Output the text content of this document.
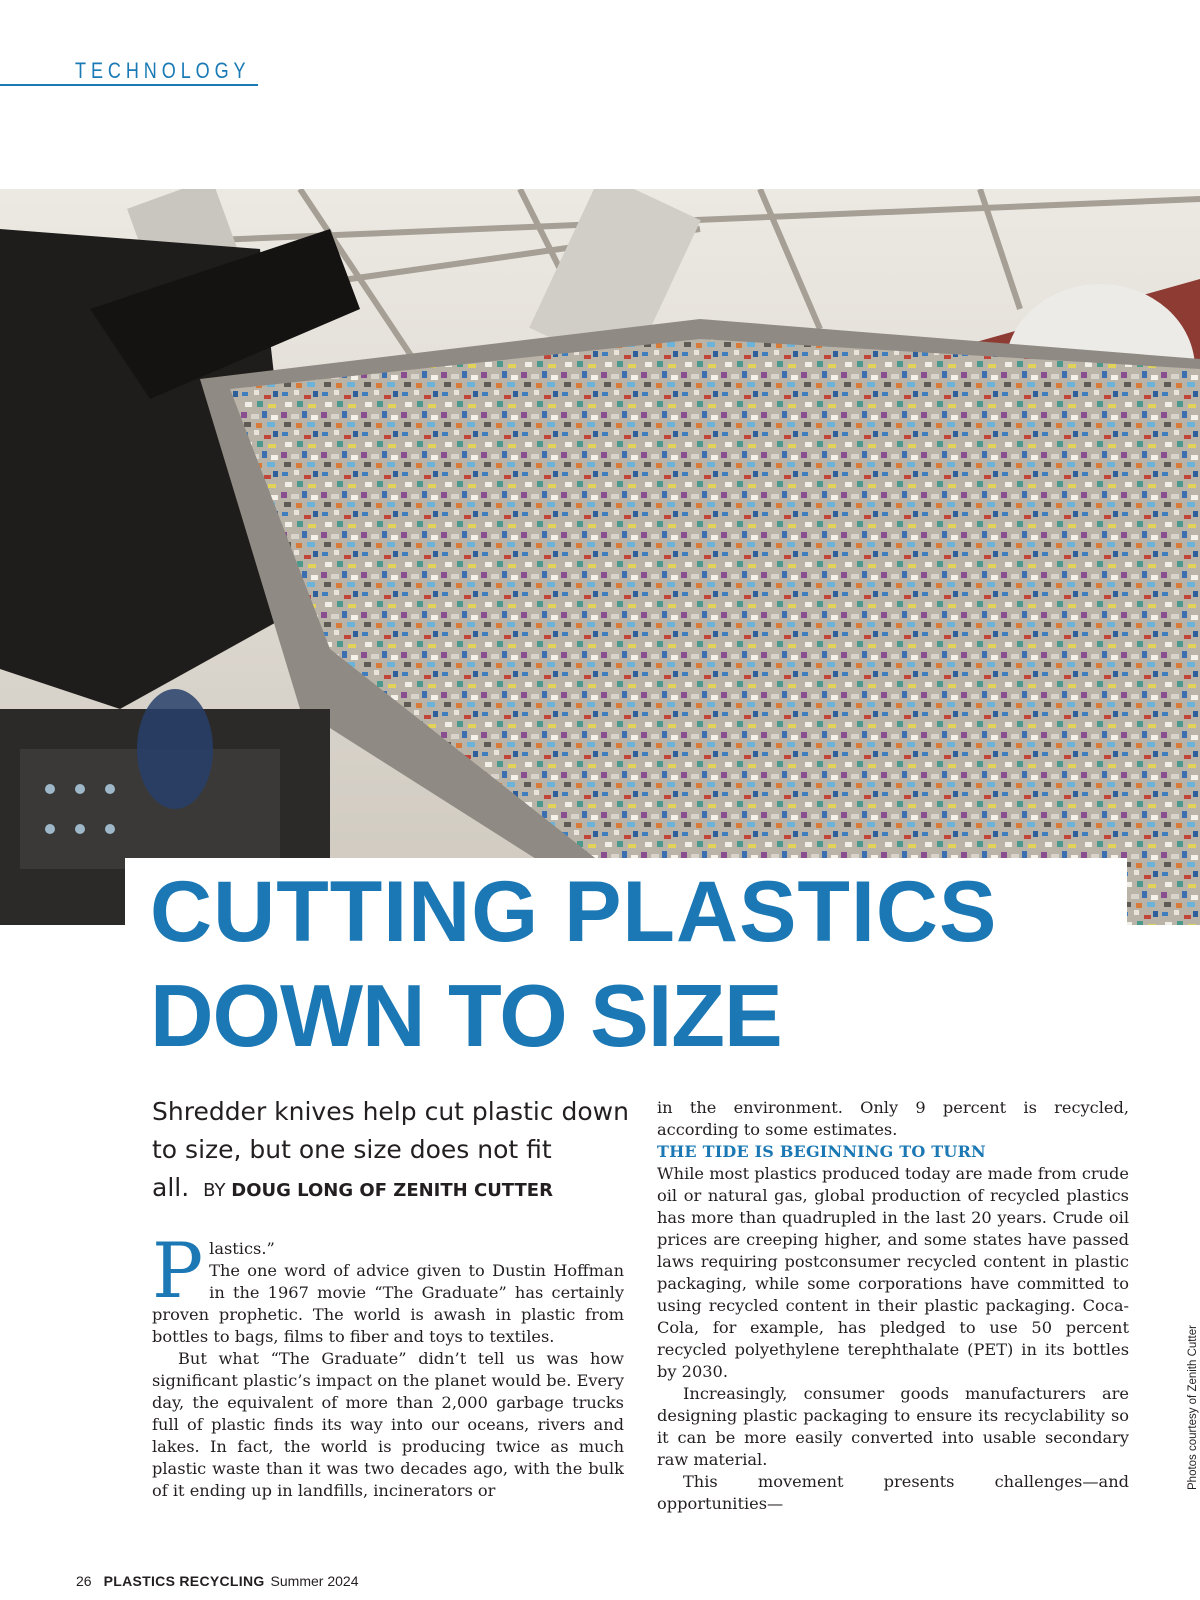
TECHNOLOGY
CUTTING PLASTICS
DOWN TO SIZE
Shredder knives help cut plastic down to size, but one size does not fit all. BY DOUG LONG OF ZENITH CUTTER

Plastics.”
The one word of advice given to Dustin Hoffman in the 1967 movie “The Graduate” has certainly proven prophetic. The world is awash in plastic from bottles to bags, films to fiber and toys to textiles.

But what “The Graduate” didn’t tell us was how significant plastic’s impact on the planet would be. Every day, the equivalent of more than 2,000 garbage trucks full of plastic finds its way into our oceans, rivers and lakes. In fact, the world is producing twice as much plastic waste than it was two decades ago, with the bulk of it ending up in landfills, incinerators or

in the environment. Only 9 percent is recycled, according to some estimates.

THE TIDE IS BEGINNING TO TURN

While most plastics produced today are made from crude oil or natural gas, global production of recycled plastics has more than quadrupled in the last 20 years. Crude oil prices are creeping higher, and some states have passed laws requiring postconsumer recycled content in plastic packaging, while some corporations have committed to using recycled content in their plastic packaging. Coca-Cola, for example, has pledged to use 50 percent recycled polyethylene terephthalate (PET) in its bottles by 2030.

Increasingly, consumer goods manufacturers are designing plastic packaging to ensure its recyclability so it can be more easily converted into usable secondary raw material.

This movement presents challenges—and opportunities—

Photos courtesy of Zenith Cutter
26 PLASTICS RECYCLING Summer 2024
